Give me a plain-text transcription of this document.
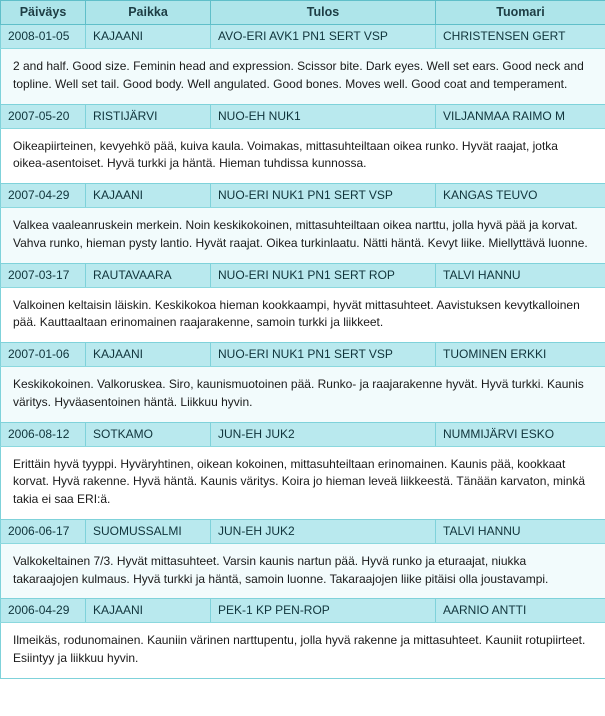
Päiväys	Paikka	Tulos	Tuomari
2008-01-05	KAJAANI	AVO-ERI AVK1 PN1 SERT VSP	CHRISTENSEN GERT
2 and half. Good size. Feminin head and expression. Scissor bite. Dark eyes. Well set ears. Good neck and topline. Well set tail. Good body. Well angulated. Good bones. Moves well. Good coat and temperament.			
2007-05-20	RISTIJÄRVI	NUO-EH NUK1	VILJANMAA RAIMO M
Oikeapiirteinen, kevyehkö pää, kuiva kaula. Voimakas, mittasuhteiltaan oikea runko. Hyvät raajat, jotka oikea-asentoiset. Hyvä turkki ja häntä. Hieman tuhdissa kunnossa.			
2007-04-29	KAJAANI	NUO-ERI NUK1 PN1 SERT VSP	KANGAS TEUVO
Valkea vaaleanruskein merkein. Noin keskikokoinen, mittasuhteiltaan oikea narttu, jolla hyvä pää ja korvat. Vahva runko, hieman pysty lantio. Hyvät raajat. Oikea turkinlaatu. Nätti häntä. Kevyt liike. Miellyttävä luonne.			
2007-03-17	RAUTAVAARA	NUO-ERI NUK1 PN1 SERT ROP	TALVI HANNU
Valkoinen keltaisin läiskin. Keskikokoa hieman kookkaampi, hyvät mittasuhteet. Aavistuksen kevytkalloinen pää. Kauttaaltaan erinomainen raajarakenne, samoin turkki ja liikkeet.			
2007-01-06	KAJAANI	NUO-ERI NUK1 PN1 SERT VSP	TUOMINEN ERKKI
Keskikokoinen. Valkoruskea. Siro, kaunismuotoinen pää. Runko- ja raajarakenne hyvät. Hyvä turkki. Kaunis väritys. Hyväasentoinen häntä. Liikkuu hyvin.			
2006-08-12	SOTKAMO	JUN-EH JUK2	NUMMIJÄRVI ESKO
Erittäin hyvä tyyppi. Hyväryhtinen, oikean kokoinen, mittasuhteiltaan erinomainen. Kaunis pää, kookkaat korvat. Hyvä rakenne. Hyvä häntä. Kaunis väritys. Koira jo hieman leveä liikkeestä. Tänään karvaton, minkä takia ei saa ERI:ä.			
2006-06-17	SUOMUSSALMI	JUN-EH JUK2	TALVI HANNU
Valkokeltainen 7/3. Hyvät mittasuhteet. Varsin kaunis nartun pää. Hyvä runko ja eturaajat, niukka takaraajojen kulmaus. Hyvä turkki ja häntä, samoin luonne. Takaraajojen liike pitäisi olla joustavampi.			
2006-04-29	KAJAANI	PEK-1 KP PEN-ROP	AARNIO ANTTI
Ilmeikäs, rodunomainen. Kauniin värinen narttupentu, jolla hyvä rakenne ja mittasuhteet. Kauniit rotupiirteet. Esiintyy ja liikkuu hyvin.			
